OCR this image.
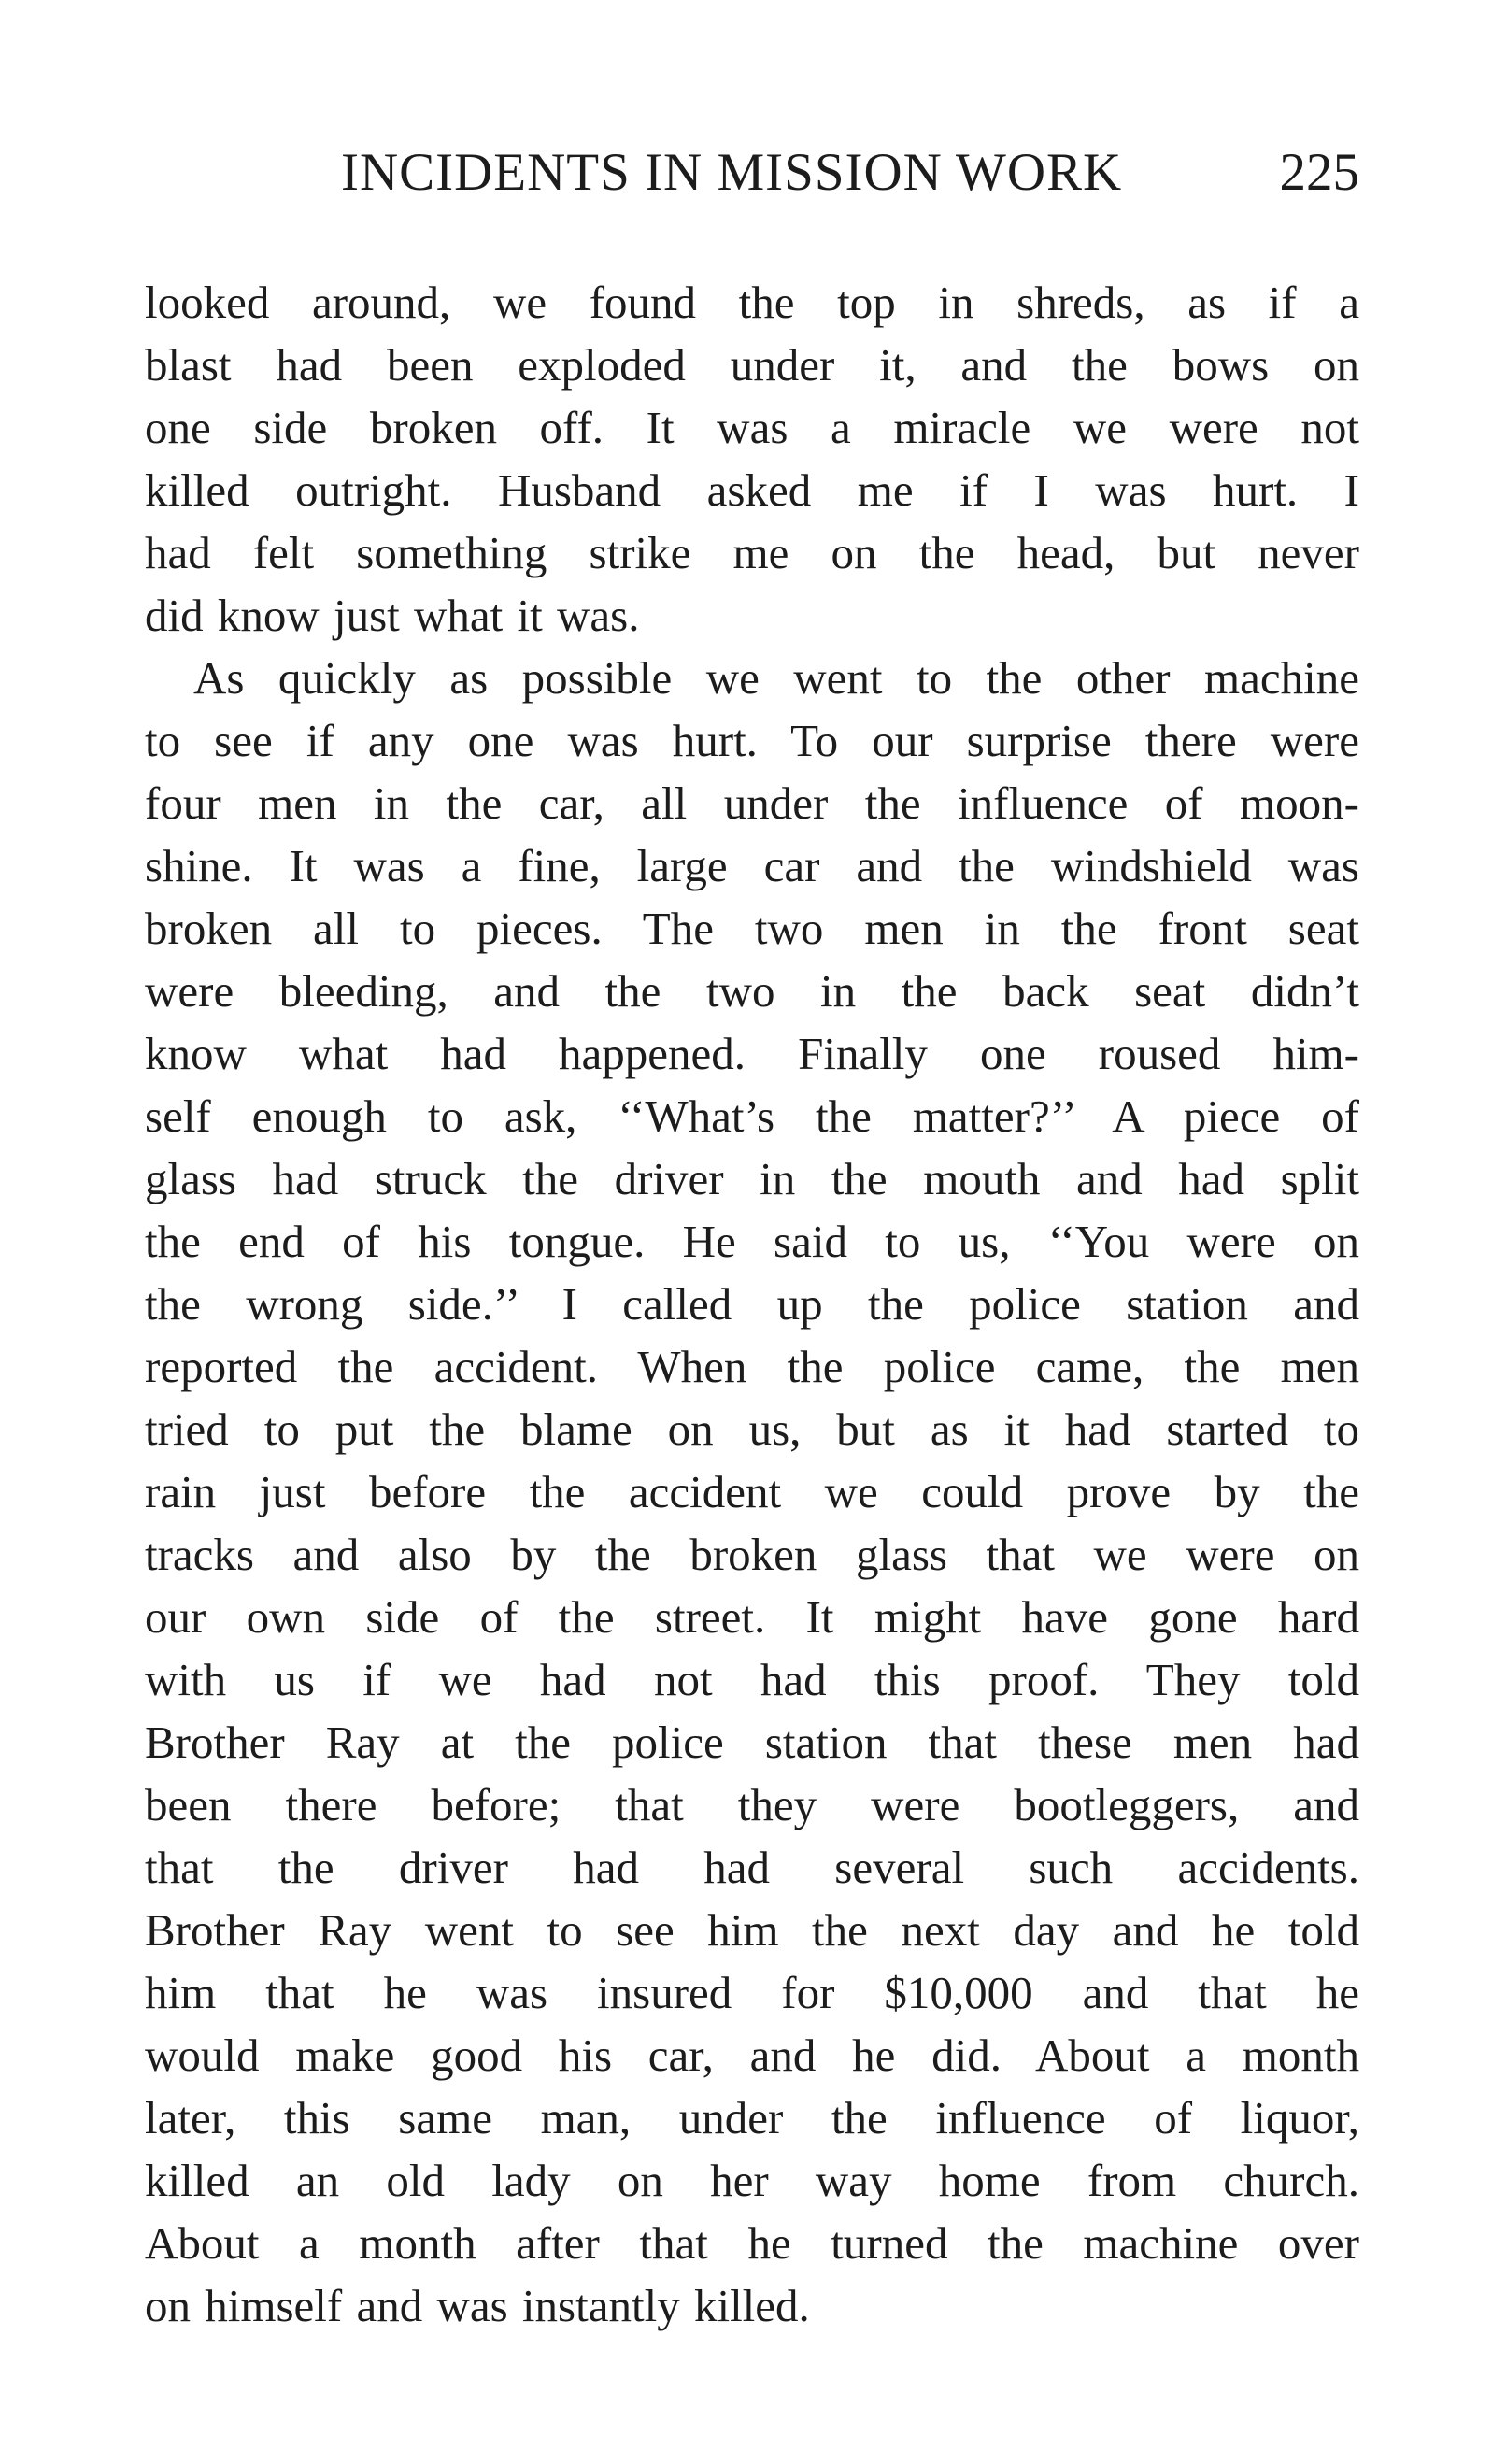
INCIDENTS IN MISSION WORK	225
looked around, we found the top in shreds, as if a
blast had been exploded under it, and the bows on
one side broken off. It was a miracle we were not
killed outright. Husband asked me if I was hurt. I
had felt something strike me on the head, but never
did know just what it was.
As quickly as possible we went to the other machine
to see if any one was hurt. To our surprise there were
four men in the car, all under the influence of moon-
shine. It was a fine, large car and the windshield was
broken all to pieces. The two men in the front seat
were bleeding, and the two in the back seat didn’t
know what had happened. Finally one roused him-
self enough to ask, ‘‘What’s the matter?’’ A piece of
glass had struck the driver in the mouth and had split
the end of his tongue. He said to us, ‘‘You were on
the wrong side.’’ I called up the police station and
reported the accident. When the police came, the men
tried to put the blame on us, but as it had started to
rain just before the accident we could prove by the
tracks and also by the broken glass that we were on
our own side of the street. It might have gone hard
with us if we had not had this proof. They told
Brother Ray at the police station that these men had
been there before; that they were bootleggers, and
that the driver had had several such accidents.
Brother Ray went to see him the next day and he told
him that he was insured for $10,000 and that he
would make good his car, and he did. About a month
later, this same man, under the influence of liquor,
killed an old lady on her way home from church.
About a month after that he turned the machine over
on himself and was instantly killed.
